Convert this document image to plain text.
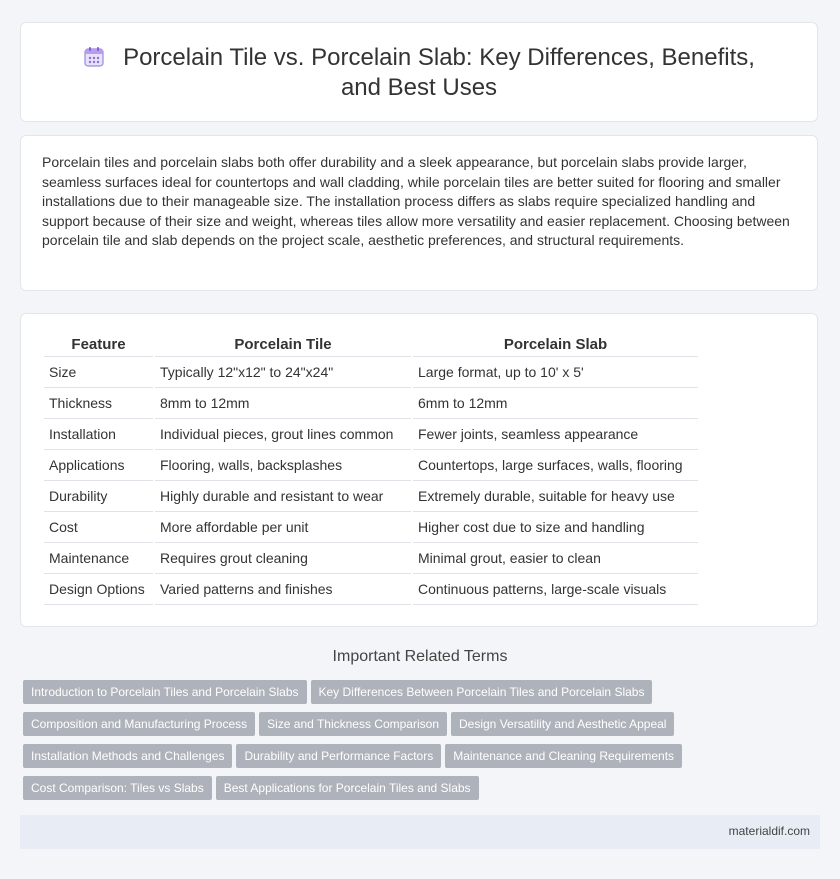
Porcelain Tile vs. Porcelain Slab: Key Differences, Benefits, and Best Uses
Porcelain tiles and porcelain slabs both offer durability and a sleek appearance, but porcelain slabs provide larger, seamless surfaces ideal for countertops and wall cladding, while porcelain tiles are better suited for flooring and smaller installations due to their manageable size. The installation process differs as slabs require specialized handling and support because of their size and weight, whereas tiles allow more versatility and easier replacement. Choosing between porcelain tile and slab depends on the project scale, aesthetic preferences, and structural requirements.
Feature	Porcelain Tile	Porcelain Slab
Size	Typically 12"x12" to 24"x24"	Large format, up to 10' x 5'
Thickness	8mm to 12mm	6mm to 12mm
Installation	Individual pieces, grout lines common	Fewer joints, seamless appearance
Applications	Flooring, walls, backsplashes	Countertops, large surfaces, walls, flooring
Durability	Highly durable and resistant to wear	Extremely durable, suitable for heavy use
Cost	More affordable per unit	Higher cost due to size and handling
Maintenance	Requires grout cleaning	Minimal grout, easier to clean
Design Options	Varied patterns and finishes	Continuous patterns, large-scale visuals
Important Related Terms
Introduction to Porcelain Tiles and Porcelain Slabs Key Differences Between Porcelain Tiles and Porcelain Slabs
Composition and Manufacturing Process Size and Thickness Comparison Design Versatility and Aesthetic Appeal
Installation Methods and Challenges Durability and Performance Factors Maintenance and Cleaning Requirements
Cost Comparison: Tiles vs Slabs Best Applications for Porcelain Tiles and Slabs
materialdif.com
